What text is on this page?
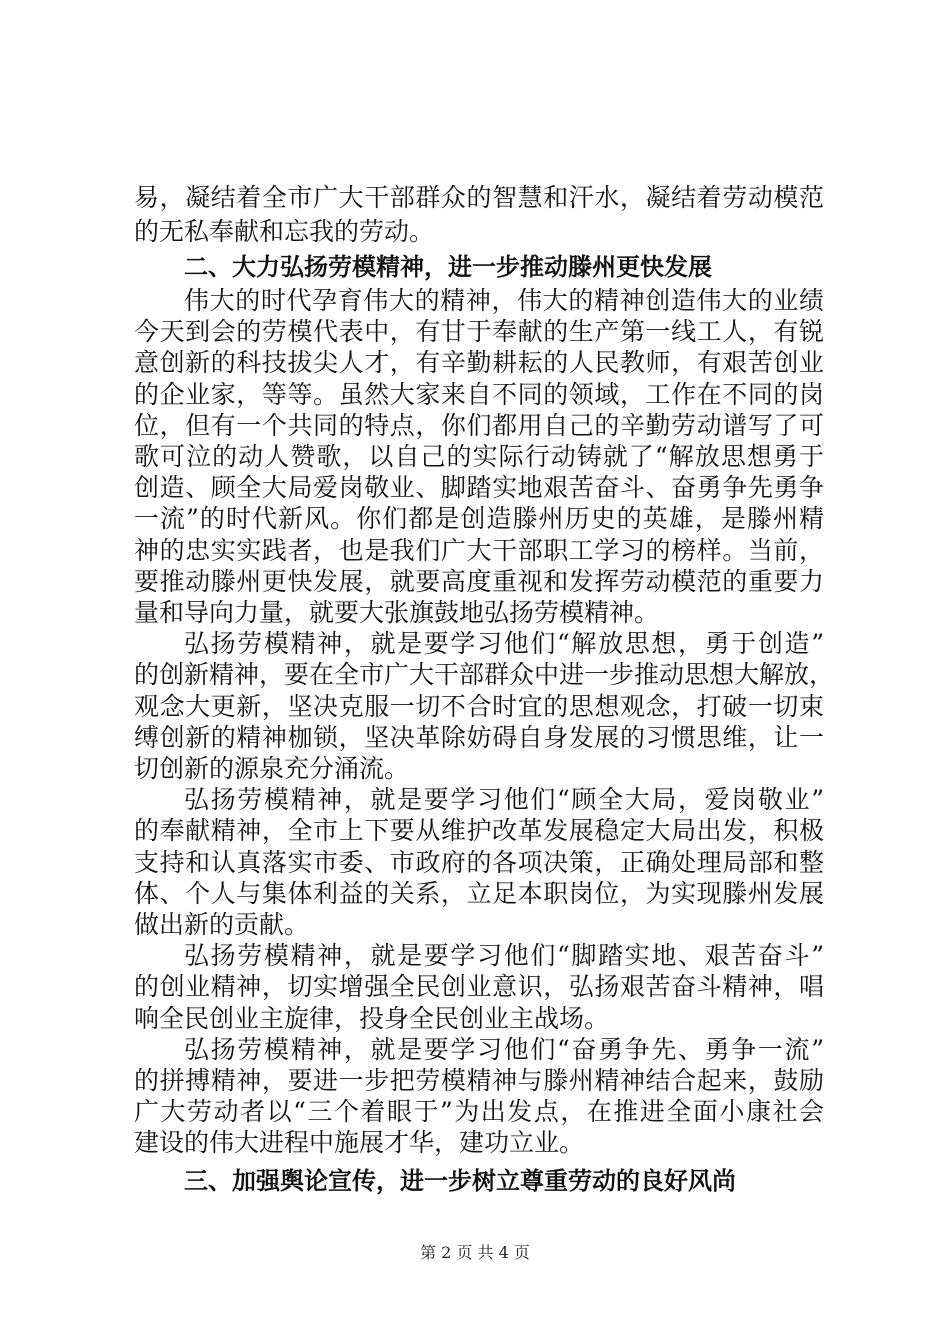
易，凝结着全市广大干部群众的智慧和汗水，凝结着劳动模范
的无私奉献和忘我的劳动。
二、大力弘扬劳模精神，进一步推动滕州更快发展
伟大的时代孕育伟大的精神，伟大的精神创造伟大的业绩
今天到会的劳模代表中，有甘于奉献的生产第一线工人，有锐
意创新的科技拔尖人才，有辛勤耕耘的人民教师，有艰苦创业
的企业家，等等。虽然大家来自不同的领域，工作在不同的岗
位，但有一个共同的特点，你们都用自己的辛勤劳动谱写了可
歌可泣的动人赞歌，以自己的实际行动铸就了“解放思想勇于
创造、顾全大局爱岗敬业、脚踏实地艰苦奋斗、奋勇争先勇争
一流”的时代新风。你们都是创造滕州历史的英雄，是滕州精
神的忠实实践者，也是我们广大干部职工学习的榜样。当前，
要推动滕州更快发展，就要高度重视和发挥劳动模范的重要力
量和导向力量，就要大张旗鼓地弘扬劳模精神。
弘扬劳模精神，就是要学习他们“解放思想，勇于创造”
的创新精神，要在全市广大干部群众中进一步推动思想大解放，
观念大更新，坚决克服一切不合时宜的思想观念，打破一切束
缚创新的精神枷锁，坚决革除妨碍自身发展的习惯思维，让一
切创新的源泉充分涌流。
弘扬劳模精神，就是要学习他们“顾全大局，爱岗敬业”
的奉献精神，全市上下要从维护改革发展稳定大局出发，积极
支持和认真落实市委、市政府的各项决策，正确处理局部和整
体、个人与集体利益的关系，立足本职岗位，为实现滕州发展
做出新的贡献。
弘扬劳模精神，就是要学习他们“脚踏实地、艰苦奋斗”
的创业精神，切实增强全民创业意识，弘扬艰苦奋斗精神，唱
响全民创业主旋律，投身全民创业主战场。
弘扬劳模精神，就是要学习他们“奋勇争先、勇争一流”
的拼搏精神，要进一步把劳模精神与滕州精神结合起来，鼓励
广大劳动者以“三个着眼于”为出发点，在推进全面小康社会
建设的伟大进程中施展才华，建功立业。
三、加强舆论宣传，进一步树立尊重劳动的良好风尚
第 2 页 共 4 页
